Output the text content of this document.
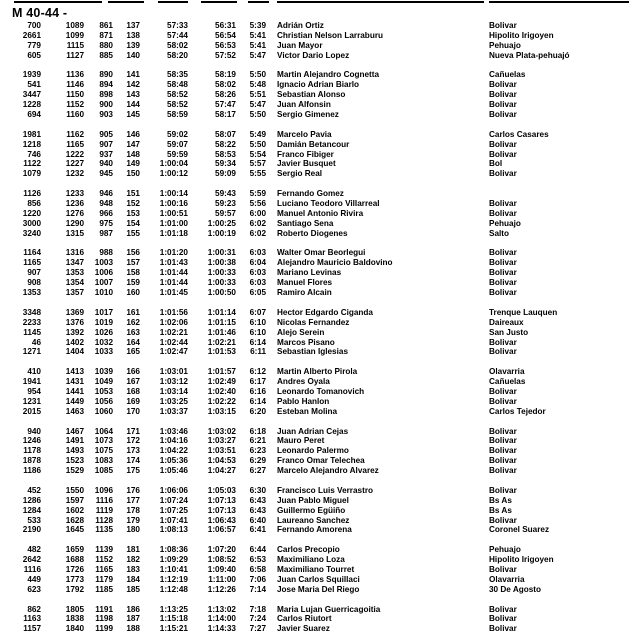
M 40-44 -
700	1089	861	137	57:33	56:31	5:39 Adrián Ortiz	Bolivar
2661	1099	871	138	57:44	56:54	5:41 Christian Nelson Larraburu	Hipolito Irigoyen
779	1115	880	139	58:02	56:53	5:41 Juan Mayor	Pehuajo
605	1127	885	140	58:20	57:52	5:47 Victor Dario Lopez	Nueva Plata-pehuajó
1939	1136	890	141	58:35	58:19	5:50 Martin Alejandro Cognetta	Cañuelas
541	1146	894	142	58:48	58:02	5:48 Ignacio Adrian Biarlo	Bolivar
3447	1150	898	143	58:52	58:26	5:51 Sebastian Alonso	Bolivar
1228	1152	900	144	58:52	57:47	5:47 Juan Alfonsin	Bolivar
694	1160	903	145	58:59	58:17	5:50 Sergio Gimenez	Bolivar
1981	1162	905	146	59:02	58:07	5:49 Marcelo Pavia	Carlos Casares
1218	1165	907	147	59:07	58:22	5:50 Damián Betancour	Bolivar
746	1222	937	148	59:59	58:53	5:54 Franco Fibiger	Bolivar
1122	1227	940	149	1:00:04	59:34	5:57 Javier Busquet	Bol
1079	1232	945	150	1:00:12	59:09	5:55 Sergio Real	Bolivar
1126	1233	946	151	1:00:14	59:43	5:59 Fernando Gomez
856	1236	948	152	1:00:16	59:23	5:56 Luciano Teodoro Villarreal	Bolivar
1220	1276	966	153	1:00:51	59:57	6:00 Manuel Antonio Rivira	Bolivar
3000	1290	975	154	1:01:00	1:00:25	6:02 Santiago Sena	Pehuajo
3240	1315	987	155	1:01:18	1:00:19	6:02 Roberto Diogenes	Salto
1164	1316	988	156	1:01:20	1:00:31	6:03 Walter Omar Beorlegui	Bolivar
1165	1347	1003	157	1:01:43	1:00:38	6:04 Alejandro Mauricio Baldovino	Bolivar
907	1353	1006	158	1:01:44	1:00:33	6:03 Mariano Levinas	Bolivar
908	1354	1007	159	1:01:44	1:00:33	6:03 Manuel Flores	Bolivar
1353	1357	1010	160	1:01:45	1:00:50	6:05 Ramiro Alcain	Bolivar
3348	1369	1017	161	1:01:56	1:01:14	6:07 Hector Edgardo Ciganda	Trenque Lauquen
2233	1376	1019	162	1:02:06	1:01:15	6:10 Nicolas Fernandez	Daireaux
1145	1392	1026	163	1:02:21	1:01:46	6:10 Alejo Serein	San Justo
46	1402	1032	164	1:02:44	1:02:21	6:14 Marcos Pisano	Bolivar
1271	1404	1033	165	1:02:47	1:01:53	6:11 Sebastian Iglesias	Bolivar
410	1413	1039	166	1:03:01	1:01:57	6:12 Martin Alberto Pirola	Olavarria
1941	1431	1049	167	1:03:12	1:02:49	6:17 Andres Oyala	Cañuelas
954	1441	1053	168	1:03:14	1:02:40	6:16 Leonardo Tomanovich	Bolivar
1231	1449	1056	169	1:03:25	1:02:22	6:14 Pablo Hanlon	Bolivar
2015	1463	1060	170	1:03:37	1:03:15	6:20 Esteban Molina	Carlos Tejedor
940	1467	1064	171	1:03:46	1:03:02	6:18 Juan Adrian Cejas	Bolivar
1246	1491	1073	172	1:04:16	1:03:27	6:21 Mauro Peret	Bolivar
1178	1493	1075	173	1:04:22	1:03:51	6:23 Leonardo Palermo	Bolivar
1878	1523	1083	174	1:05:36	1:04:53	6:29 Franco Omar Telechea	Bolivar
1186	1529	1085	175	1:05:46	1:04:27	6:27 Marcelo Alejandro Alvarez	Bolivar
452	1550	1096	176	1:06:06	1:05:03	6:30 Francisco Luis Verrastro	Bolivar
1286	1597	1116	177	1:07:24	1:07:13	6:43 Juan Pablo Miguel	Bs As
1284	1602	1119	178	1:07:25	1:07:13	6:43 Guillermo Egüiño	Bs As
533	1628	1128	179	1:07:41	1:06:43	6:40 Laureano Sanchez	Bolivar
2190	1645	1135	180	1:08:13	1:06:57	6:41 Fernando Amorena	Coronel Suarez
482	1659	1139	181	1:08:36	1:07:20	6:44 Carlos Precopio	Pehuajo
2642	1688	1152	182	1:09:29	1:08:52	6:53 Maximiliano Loza	Hipolito Irigoyen
1116	1726	1165	183	1:10:41	1:09:40	6:58 Maximiliano Tourret	Bolivar
449	1773	1179	184	1:12:19	1:11:00	7:06 Juan Carlos Squillaci	Olavarria
623	1792	1185	185	1:12:48	1:12:26	7:14 Jose Maria Del Riego	30 De Agosto
862	1805	1191	186	1:13:25	1:13:02	7:18 Maria Lujan Guerricagoitia	Bolivar
1163	1838	1198	187	1:15:18	1:14:00	7:24 Carlos Riutort	Bolivar
1157	1840	1199	188	1:15:21	1:14:33	7:27 Javier Suarez	Bolivar
